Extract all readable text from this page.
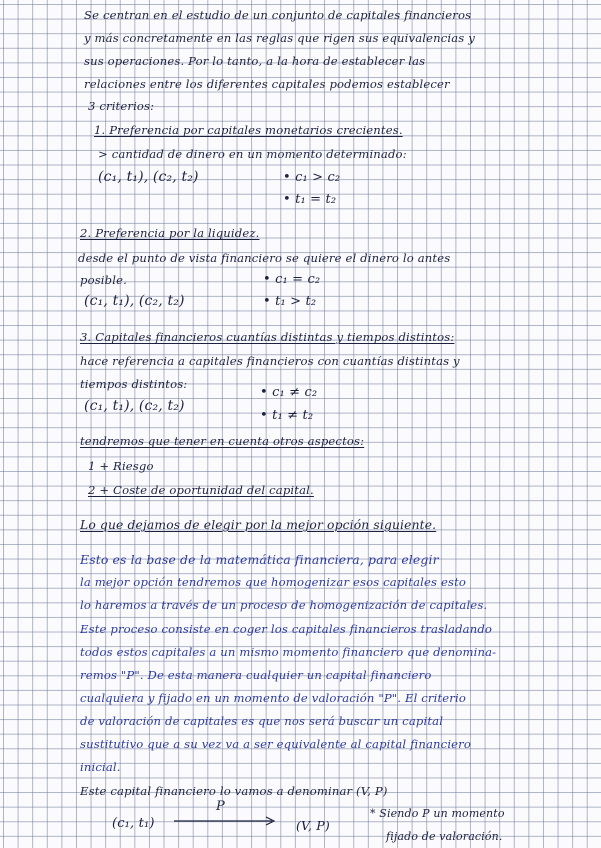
Se centran en el estudio de un conjunto de capitales financieros
y más concretamente en las reglas que rigen sus equivalencias y
sus operaciones. Por lo tanto, a la hora de establecer las
relaciones entre los diferentes capitales podemos establecer
3 criterios:
1. Preferencia por capitales monetarios crecientes.
> cantidad de dinero en un momento determinado:
(c₁, t₁), (c₂, t₂)	• c₁ > c₂
• t₁ = t₂
2. Preferencia por la liquidez.
desde el punto de vista financiero se quiere el dinero lo antes
posible.	• c₁ = c₂
(c₁, t₁), (c₂, t₂)	• t₁ > t₂
3. Capitales financieros cuantías distintas y tiempos distintos:
hace referencia a capitales financieros con cuantías distintas y
tiempos distintos:
• c₁ ≠ c₂
(c₁, t₁), (c₂, t₂)
• t₁ ≠ t₂
tendremos que tener en cuenta otros aspectos:
1 + Riesgo
2 + Coste de oportunidad del capital.
Lo que dejamos de elegir por la mejor opción siguiente.
Esto es la base de la matemática financiera, para elegir
la mejor opción tendremos que homogenizar esos capitales esto
lo haremos a través de un proceso de homogenización de capitales.
Este proceso consiste en coger los capitales financieros trasladando
todos estos capitales a un mismo momento financiero que denomina-
remos "P". De esta manera cualquier un capital financiero
cualquiera y fijado en un momento de valoración "P". El criterio
de valoración de capitales es que nos será buscar un capital
sustitutivo que a su vez va a ser equivalente al capital financiero
inicial.
Este capital financiero lo vamos a denominar (V, P)
(c₁, t₁)
P
(V, P)
* Siendo P un momento
fijado de valoración.
